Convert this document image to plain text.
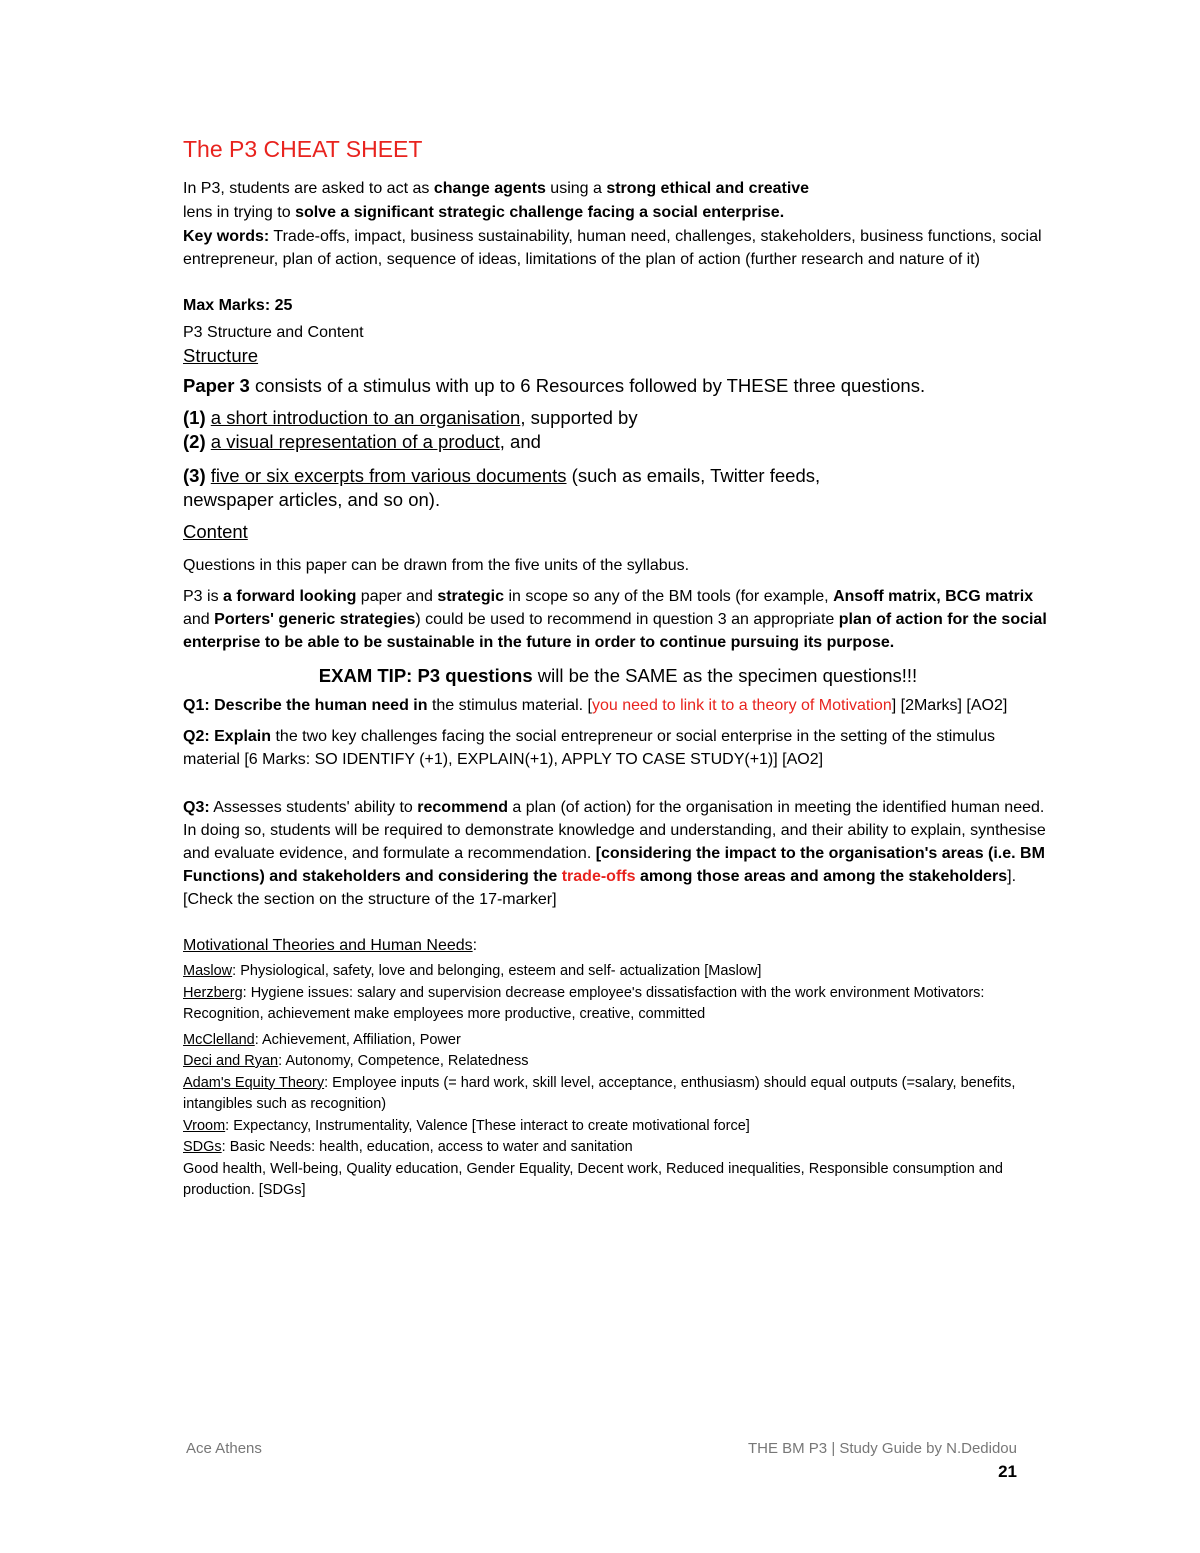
The P3 CHEAT SHEET

In P3, students are asked to act as change agents using a strong ethical and creative
lens in trying to solve a significant strategic challenge facing a social enterprise.

Key words: Trade-offs, impact, business sustainability, human need, challenges, stakeholders, business functions, social entrepreneur, plan of action, sequence of ideas, limitations of the plan of action (further research and nature of it)

Max Marks: 25

P3 Structure and Content

Structure

Paper 3 consists of a stimulus with up to 6 Resources followed by THESE three questions.

(1) a short introduction to an organisation, supported by

(2) a visual representation of a product, and

(3) five or six excerpts from various documents (such as emails, Twitter feeds, newspaper articles, and so on).

Content

Questions in this paper can be drawn from the five units of the syllabus.

P3 is a forward looking paper and strategic in scope so any of the BM tools (for example, Ansoff matrix, BCG matrix and Porters' generic strategies) could be used to recommend in question 3 an appropriate plan of action for the social enterprise to be able to be sustainable in the future in order to continue pursuing its purpose.

EXAM TIP: P3 questions will be the SAME as the specimen questions!!!

Q1: Describe the human need in the stimulus material. [you need to link it to a theory of Motivation] [2Marks] [AO2]

Q2: Explain the two key challenges facing the social entrepreneur or social enterprise in the setting of the stimulus material [6 Marks: SO IDENTIFY (+1), EXPLAIN(+1), APPLY TO CASE STUDY(+1)] [AO2]

Q3: Assesses students' ability to recommend a plan (of action) for the organisation in meeting the identified human need. In doing so, students will be required to demonstrate knowledge and understanding, and their ability to explain, synthesise and evaluate evidence, and formulate a recommendation. [considering the impact to the organisation's areas (i.e. BM Functions) and stakeholders and considering the trade-offs among those areas and among the stakeholders]. [Check the section on the structure of the 17-marker]

Motivational Theories and Human Needs:

Maslow: Physiological, safety, love and belonging, esteem and self- actualization [Maslow]

Herzberg: Hygiene issues: salary and supervision decrease employee's dissatisfaction with the work environment Motivators: Recognition, achievement make employees more productive, creative, committed

McClelland: Achievement, Affiliation, Power

Deci and Ryan: Autonomy, Competence, Relatedness

Adam's Equity Theory: Employee inputs (= hard work, skill level, acceptance, enthusiasm) should equal outputs (=salary, benefits, intangibles such as recognition)

Vroom: Expectancy, Instrumentality, Valence [These interact to create motivational force]

SDGs: Basic Needs: health, education, access to water and sanitation

Good health, Well-being, Quality education, Gender Equality, Decent work, Reduced inequalities, Responsible consumption and production. [SDGs]

Ace Athens	THE BM P3 | Study Guide by N.Dedidou
21
